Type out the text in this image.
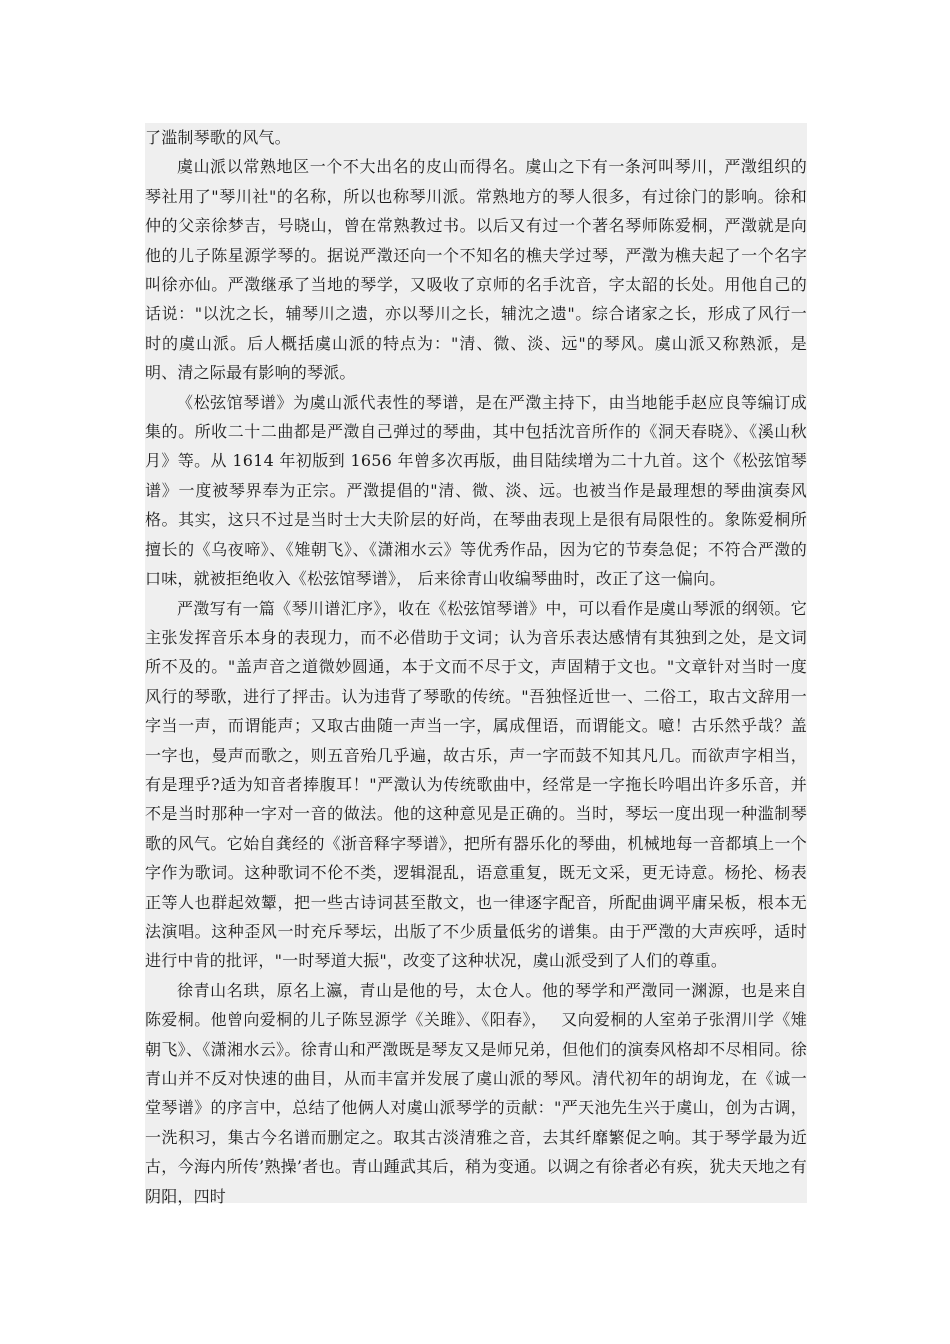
了滥制琴歌的风气。

虞山派以常熟地区一个不大出名的皮山而得名。虞山之下有一条河叫琴川，严澂组织的琴社用了"琴川社"的名称，所以也称琴川派。常熟地方的琴人很多，有过徐门的影响。徐和仲的父亲徐梦吉，号晓山，曾在常熟教过书。以后又有过一个著名琴师陈爱桐，严澂就是向他的儿子陈星源学琴的。据说严澂还向一个不知名的樵夫学过琴，严澂为樵夫起了一个名字叫徐亦仙。严澂继承了当地的琴学，又吸收了京师的名手沈音，字太韶的长处。用他自己的话说："以沈之长，辅琴川之遗，亦以琴川之长，辅沈之遗"。综合诸家之长，形成了风行一时的虞山派。后人概括虞山派的特点为："清、微、淡、远"的琴风。虞山派又称熟派，是明、清之际最有影响的琴派。

《松弦馆琴谱》为虞山派代表性的琴谱，是在严澂主持下，由当地能手赵应良等编订成集的。所收二十二曲都是严澂自己弹过的琴曲，其中包括沈音所作的《洞天春晓》、《溪山秋月》等。从 1614 年初版到 1656 年曾多次再版，曲目陆续增为二十九首。这个《松弦馆琴谱》一度被琴界奉为正宗。严澂提倡的"清、微、淡、远。也被当作是最理想的琴曲演奏风格。其实，这只不过是当时士大夫阶层的好尚，在琴曲表现上是很有局限性的。象陈爱桐所擅长的《乌夜啼》、《雉朝飞》、《潇湘水云》等优秀作品，因为它的节奏急促；不符合严澂的口味，就被拒绝收入《松弦馆琴谱》， 后来徐青山收编琴曲时，改正了这一偏向。

严澂写有一篇《琴川谱汇序》，收在《松弦馆琴谱》中，可以看作是虞山琴派的纲领。它主张发挥音乐本身的表现力，而不必借助于文词；认为音乐表达感情有其独到之处，是文词所不及的。"盖声音之道微妙圆通，本于文而不尽于文，声固精于文也。"文章针对当时一度风行的琴歌，进行了抨击。认为违背了琴歌的传统。"吾独怪近世一、二俗工，取古文辞用一字当一声，而谓能声；又取古曲随一声当一字，属成俚语，而谓能文。噫！古乐然乎哉？盖一字也，曼声而歌之，则五音殆几乎遍，故古乐，声一字而鼓不知其凡几。而欲声字相当，有是理乎?适为知音者捧腹耳！"严澂认为传统歌曲中，经常是一字拖长吟唱出许多乐音，并不是当时那种一字对一音的做法。他的这种意见是正确的。当时，琴坛一度出现一种滥制琴歌的风气。它始自龚经的《浙音释字琴谱》，把所有器乐化的琴曲，机械地每一音都填上一个字作为歌词。这种歌词不伦不类，逻辑混乱，语意重复，既无文采，更无诗意。杨抡、杨表正等人也群起效颦，把一些古诗词甚至散文，也一律逐字配音，所配曲调平庸呆板，根本无法演唱。这种歪风一时充斥琴坛，出版了不少质量低劣的谱集。由于严澂的大声疾呼，适时进行中肯的批评，"一时琴道大振"，改变了这种状况，虞山派受到了人们的尊重。

徐青山名珙，原名上瀛，青山是他的号，太仓人。他的琴学和严澂同一渊源，也是来自陈爱桐。他曾向爱桐的儿子陈昱源学《关雎》、《阳春》，　 又向爱桐的人室弟子张渭川学《雉朝飞》、《潇湘水云》。徐青山和严澂既是琴友又是师兄弟，但他们的演奏风格却不尽相同。徐青山并不反对快速的曲目，从而丰富并发展了虞山派的琴风。清代初年的胡询龙，在《诚一堂琴谱》的序言中，总结了他俩人对虞山派琴学的贡献："严天池先生兴于虞山，创为古调，一洗积习，集古今名谱而删定之。取其古淡清雅之音，去其纤靡繁促之响。其于琴学最为近古，今海内所传’熟操’者也。青山踵武其后，稍为变通。以调之有徐者必有疾，犹夫天地之有阴阳，四时
